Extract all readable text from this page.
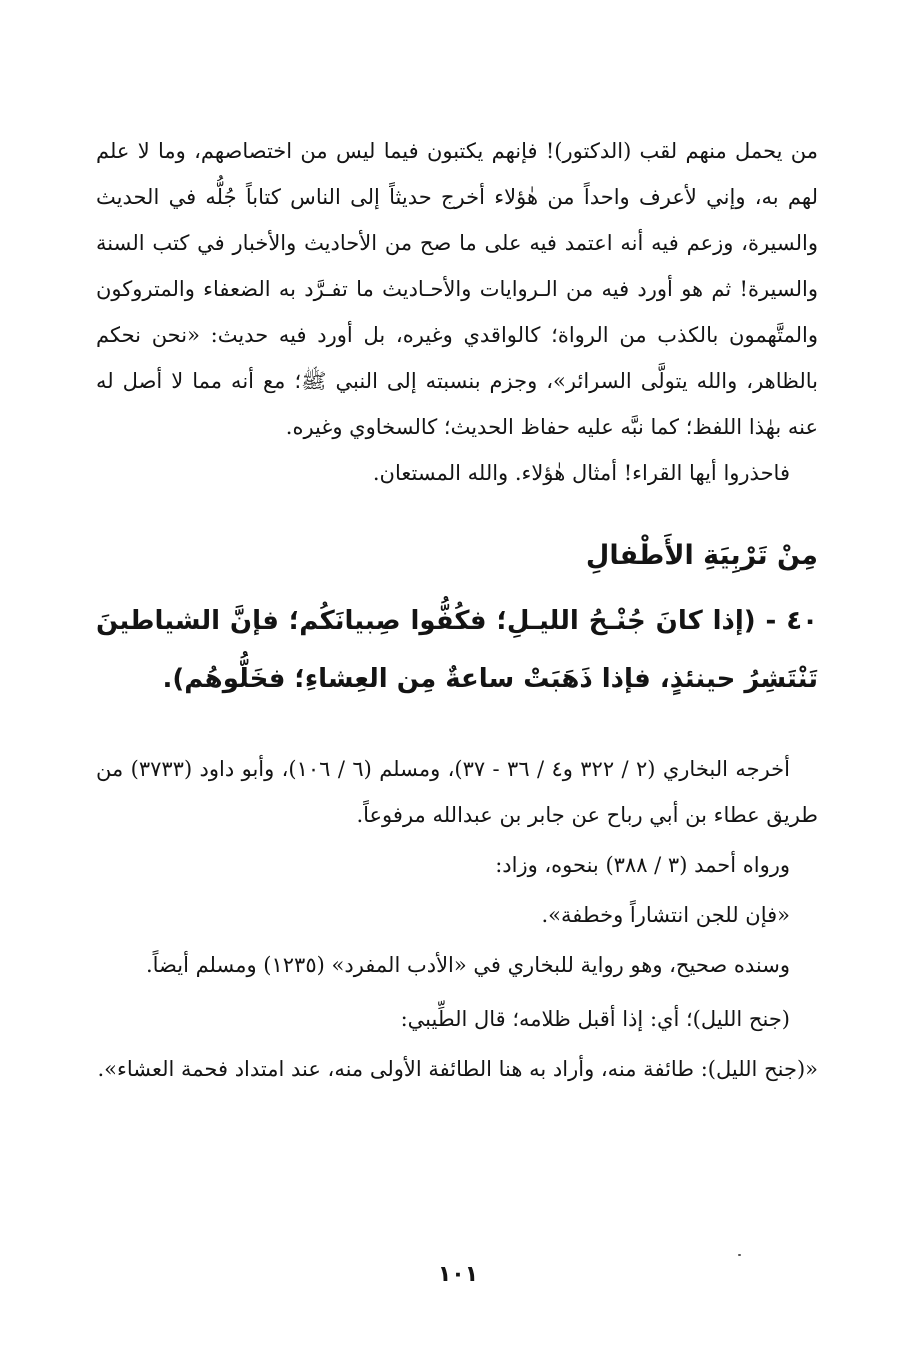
من يحمل منهم لقب (الدكتور)! فإنهم يكتبون فيما ليس من اختصاصهم، وما لا علم لهم به، وإني لأعرف واحداً من هٰؤلاء أخرج حديثاً إلى الناس كتاباً جُلُّه في الحديث والسيرة، وزعم فيه أنه اعتمد فيه على ما صح من الأحاديث والأخبار في كتب السنة والسيرة! ثم هو أورد فيه من الـروايات والأحـاديث ما تفـرَّد به الضعفاء والمتروكون والمتَّهمون بالكذب من الرواة؛ كالواقدي وغيره، بل أورد فيه حديث: «نحن نحكم بالظاهر، والله يتولَّى السرائر»، وجزم بنسبته إلى النبي ﷺ؛ مع أنه مما لا أصل له عنه بهٰذا اللفظ؛ كما نبَّه عليه حفاظ الحديث؛ كالسخاوي وغيره.

فاحذروا أيها القراء! أمثال هٰؤلاء. والله المستعان.

مِنْ تَرْبِيَةِ الأَطْفالِ

٤٠ - (إذا كانَ جُنْـحُ الليـلِ؛ فكُفُّوا صِبيانَكُم؛ فإنَّ الشياطينَ تَنْتَشِرُ حينئذٍ، فإذا ذَهَبَتْ ساعةٌ مِن العِشاءِ؛ فخَلُّوهُم).

أخرجه البخاري (٢ / ٣٢٢ و٤ / ٣٦ - ٣٧)، ومسلم (٦ / ١٠٦)، وأبو داود (٣٧٣٣) من طريق عطاء بن أبي رباح عن جابر بن عبدالله مرفوعاً.

ورواه أحمد (٣ / ٣٨٨) بنحوه، وزاد:

«فإن للجن انتشاراً وخطفة».

وسنده صحيح، وهو رواية للبخاري في «الأدب المفرد» (١٢٣٥) ومسلم أيضاً.

(جنح الليل)؛ أي: إذا أقبل ظلامه؛ قال الطِّيبي:

«(جنح الليل): طائفة منه، وأراد به هنا الطائفة الأولى منه، عند امتداد فحمة العشاء».

١٠١
